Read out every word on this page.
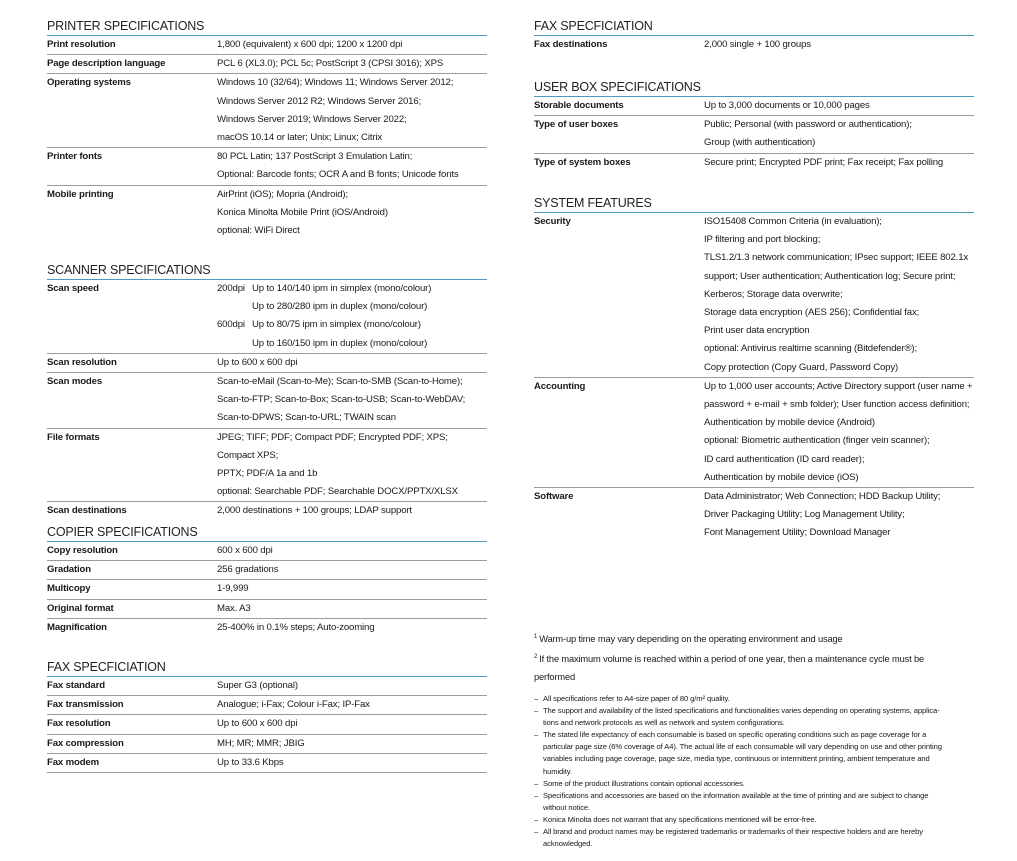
PRINTER SPECIFICATIONS
Print resolution	1,800 (equivalent) x 600 dpi; 1200 x 1200 dpi
Page description language	PCL 6 (XL3.0); PCL 5c; PostScript 3 (CPSI 3016); XPS
Operating systems	Windows 10 (32/64); Windows 11; Windows Server 2012;
Windows Server 2012 R2; Windows Server 2016;
Windows Server 2019; Windows Server 2022;
macOS 10.14 or later; Unix; Linux; Citrix
Printer fonts	80 PCL Latin; 137 PostScript 3 Emulation Latin;
Optional: Barcode fonts; OCR A and B fonts; Unicode fonts
Mobile printing	AirPrint (iOS); Mopria (Android);
Konica Minolta Mobile Print (iOS/Android)
optional: WiFi Direct
SCANNER SPECIFICATIONS
Scan speed	200dpi Up to 140/140 ipm in simplex (mono/colour)
Up to 280/280 ipm in duplex (mono/colour)
600dpi Up to 80/75 ipm in simplex (mono/colour)
Up to 160/150 ipm in duplex (mono/colour)
Scan resolution	Up to 600 x 600 dpi
Scan modes	Scan-to-eMail (Scan-to-Me); Scan-to-SMB (Scan-to-Home);
Scan-to-FTP; Scan-to-Box; Scan-to-USB; Scan-to-WebDAV;
Scan-to-DPWS; Scan-to-URL; TWAIN scan
File formats	JPEG; TIFF; PDF; Compact PDF; Encrypted PDF; XPS; Compact XPS;
PPTX; PDF/A 1a and 1b
optional: Searchable PDF; Searchable DOCX/PPTX/XLSX
Scan destinations	2,000 destinations + 100 groups; LDAP support
COPIER SPECIFICATIONS
Copy resolution	600 x 600 dpi
Gradation	256 gradations
Multicopy	1-9,999
Original format	Max. A3
Magnification	25-400% in 0.1% steps; Auto-zooming
FAX SPECFICIATION
Fax standard	Super G3 (optional)
Fax transmission	Analogue; i-Fax; Colour i-Fax; IP-Fax
Fax resolution	Up to 600 x 600 dpi
Fax compression	MH; MR; MMR; JBIG
Fax modem	Up to 33.6 Kbps
FAX SPECFICIATION
Fax destinations	2,000 single + 100 groups
USER BOX SPECIFICATIONS
Storable documents	Up to 3,000 documents or 10,000 pages
Type of user boxes	Public; Personal (with password or authentication);
Group (with authentication)
Type of system boxes	Secure print; Encrypted PDF print; Fax receipt; Fax polling
SYSTEM FEATURES
Security	ISO15408 Common Criteria (in evaluation);
IP filtering and port blocking;
TLS1.2/1.3 network communication; IPsec support; IEEE 802.1x
support; User authentication; Authentication log; Secure print;
Kerberos; Storage data overwrite;
Storage data encryption (AES 256); Confidential fax;
Print user data encryption
optional: Antivirus realtime scanning (Bitdefender®);
Copy protection (Copy Guard, Password Copy)
Accounting	Up to 1,000 user accounts; Active Directory support (user name +
password + e-mail + smb folder); User function access definition;
Authentication by mobile device (Android)
optional: Biometric authentication (finger vein scanner);
ID card authentication (ID card reader);
Authentication by mobile device (iOS)
Software	Data Administrator; Web Connection; HDD Backup Utility;
Driver Packaging Utility; Log Management Utility;
Font Management Utility; Download Manager
$^1$ Warm-up time may vary depending on the operating environment and usage
$^2$ If the maximum volume is reached within a period of one year, then a maintenance cycle must be
performed
– All specifications refer to A4-size paper of 80 g/m² quality.
– The support and availability of the listed specifications and functionalities varies depending on operating systems, applica-
tions and network protocols as well as network and system configurations.
– The stated life expectancy of each consumable is based on specific operating conditions such as page coverage for a
particular page size (6% coverage of A4). The actual life of each consumable will vary depending on use and other printing
variables including page coverage, page size, media type, continuous or intermittent printing, ambient temperature and
humidity.
– Some of the product illustrations contain optional accessories.
– Specifications and accessories are based on the information available at the time of printing and are subject to change
without notice.
– Konica Minolta does not warrant that any specifications mentioned will be error-free.
– All brand and product names may be registered trademarks or trademarks of their respective holders and are hereby
acknowledged.
